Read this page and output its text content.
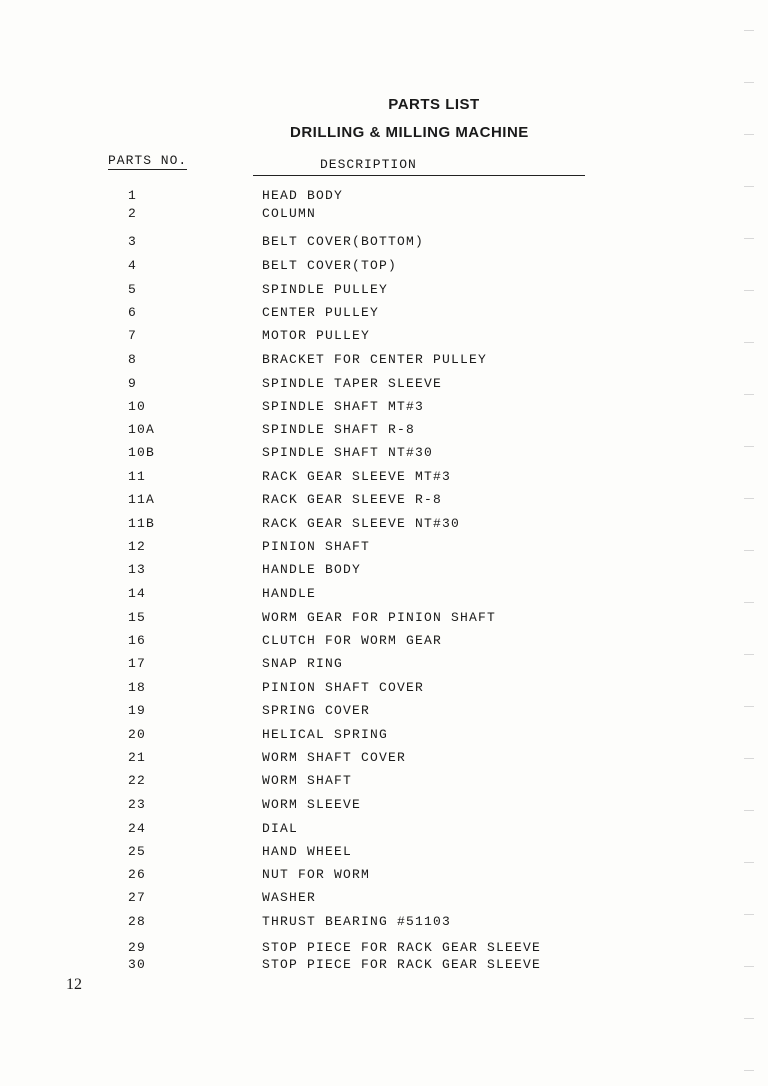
PARTS LIST
DRILLING & MILLING MACHINE
PARTS NO.	DESCRIPTION
1	HEAD BODY
2	COLUMN
3	BELT COVER(BOTTOM)
4	BELT COVER(TOP)
5	SPINDLE PULLEY
6	CENTER PULLEY
7	MOTOR PULLEY
8	BRACKET FOR CENTER PULLEY
9	SPINDLE TAPER SLEEVE
10	SPINDLE SHAFT MT#3
10A	SPINDLE SHAFT R-8
10B	SPINDLE SHAFT NT#30
11	RACK GEAR SLEEVE MT#3
11A	RACK GEAR SLEEVE R-8
11B	RACK GEAR SLEEVE NT#30
12	PINION SHAFT
13	HANDLE BODY
14	HANDLE
15	WORM GEAR FOR PINION SHAFT
16	CLUTCH FOR WORM GEAR
17	SNAP RING
18	PINION SHAFT COVER
19	SPRING COVER
20	HELICAL SPRING
21	WORM SHAFT COVER
22	WORM SHAFT
23	WORM SLEEVE
24	DIAL
25	HAND WHEEL
26	NUT FOR WORM
27	WASHER
28	THRUST BEARING #51103
29	STOP PIECE FOR RACK GEAR SLEEVE
30	STOP PIECE FOR RACK GEAR SLEEVE
12
